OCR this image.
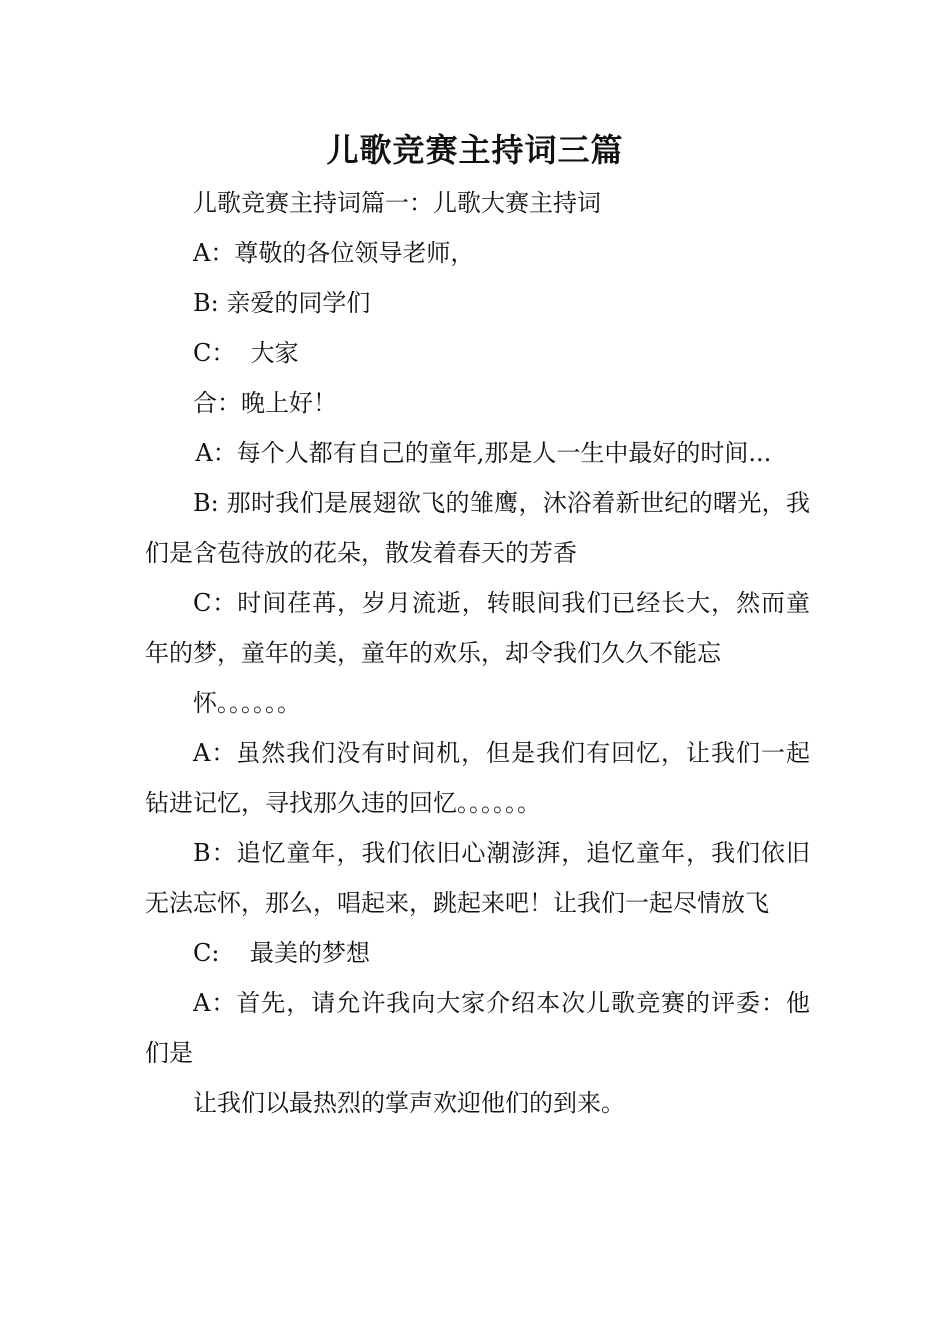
儿歌竞赛主持词三篇

儿歌竞赛主持词篇一：儿歌大赛主持词

A：尊敬的各位领导老师，

B: 亲爱的同学们

C：  大家

合：晚上好！

A：每个人都有自己的童年,那是人一生中最好的时间...

B: 那时我们是展翅欲飞的雏鹰，沐浴着新世纪的曙光，我们是含苞待放的花朵，散发着春天的芳香

C：时间荏苒，岁月流逝，转眼间我们已经长大，然而童年的梦，童年的美，童年的欢乐，却令我们久久不能忘

怀。。。。。。

A：虽然我们没有时间机，但是我们有回忆，让我们一起钻进记忆，寻找那久违的回忆。。。。。。

B：追忆童年，我们依旧心潮澎湃，追忆童年，我们依旧无法忘怀，那么，唱起来，跳起来吧！让我们一起尽情放飞

C:    最美的梦想

A：首先，请允许我向大家介绍本次儿歌竞赛的评委：他们是

让我们以最热烈的掌声欢迎他们的到来。
